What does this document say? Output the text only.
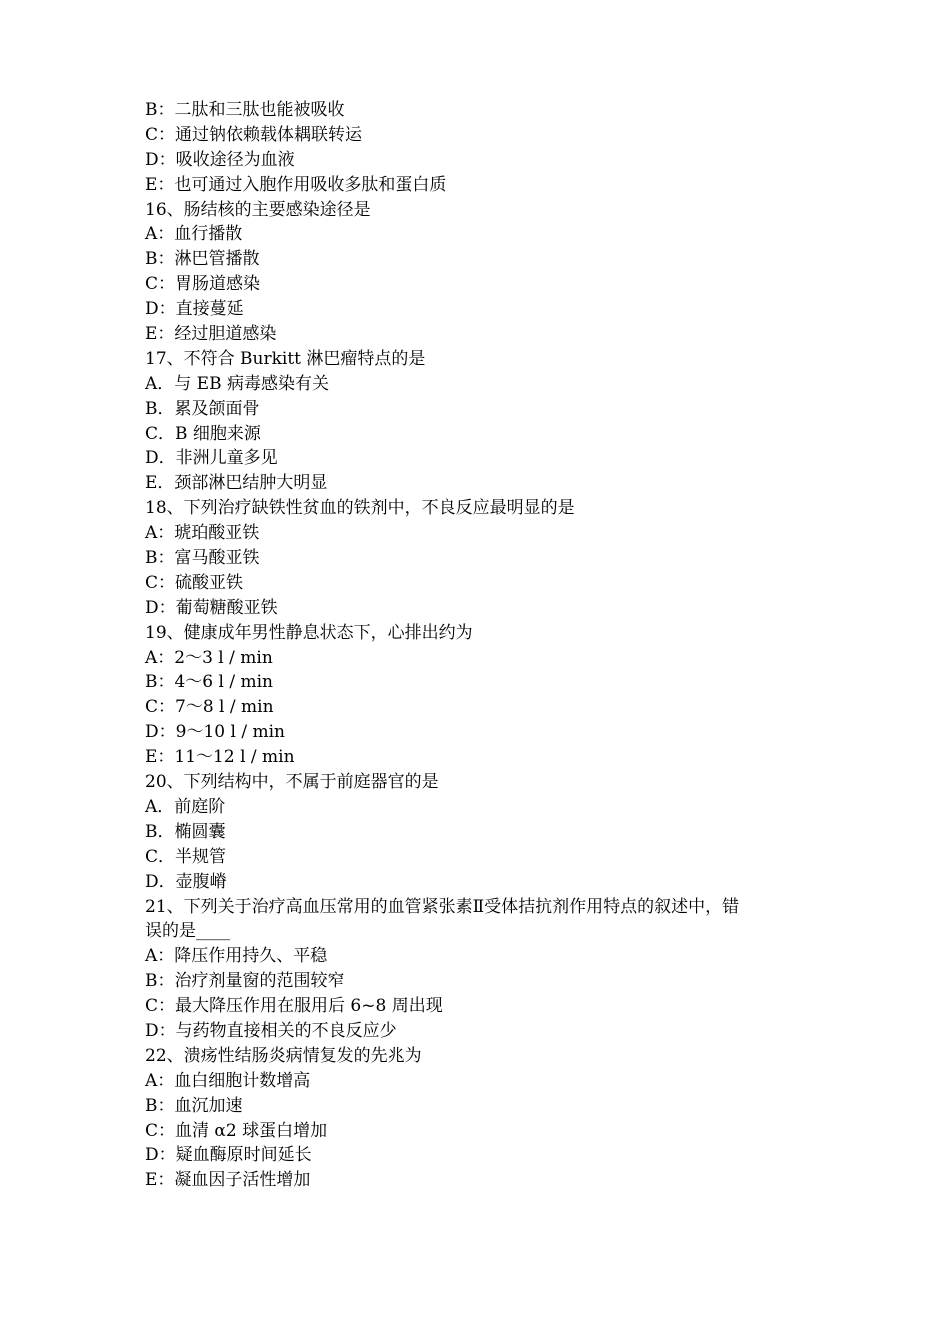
B：二肽和三肽也能被吸收
C：通过钠依赖载体耦联转运
D：吸收途径为血液
E：也可通过入胞作用吸收多肽和蛋白质
16、肠结核的主要感染途径是
A：血行播散
B：淋巴管播散
C：胃肠道感染
D：直接蔓延
E：经过胆道感染
17、不符合 Burkitt 淋巴瘤特点的是
A．与 EB 病毒感染有关
B．累及颌面骨
C．B 细胞来源
D．非洲儿童多见
E．颈部淋巴结肿大明显
18、下列治疗缺铁性贫血的铁剂中，不良反应最明显的是
A：琥珀酸亚铁
B：富马酸亚铁
C：硫酸亚铁
D：葡萄糖酸亚铁
19、健康成年男性静息状态下，心排出约为
A：2～3 l / min
B：4～6 l / min
C：7～8 l / min
D：9～10 l / min
E：11～12 l / min
20、下列结构中，不属于前庭器官的是
A．前庭阶
B．椭圆囊
C．半规管
D．壶腹嵴
21、下列关于治疗高血压常用的血管紧张素Ⅱ受体拮抗剂作用特点的叙述中，错
误的是____
A：降压作用持久、平稳
B：治疗剂量窗的范围较窄
C：最大降压作用在服用后 6~8 周出现
D：与药物直接相关的不良反应少
22、溃疡性结肠炎病情复发的先兆为
A：血白细胞计数增高
B：血沉加速
C：血清 α2 球蛋白增加
D：疑血酶原时间延长
E：凝血因子活性增加
